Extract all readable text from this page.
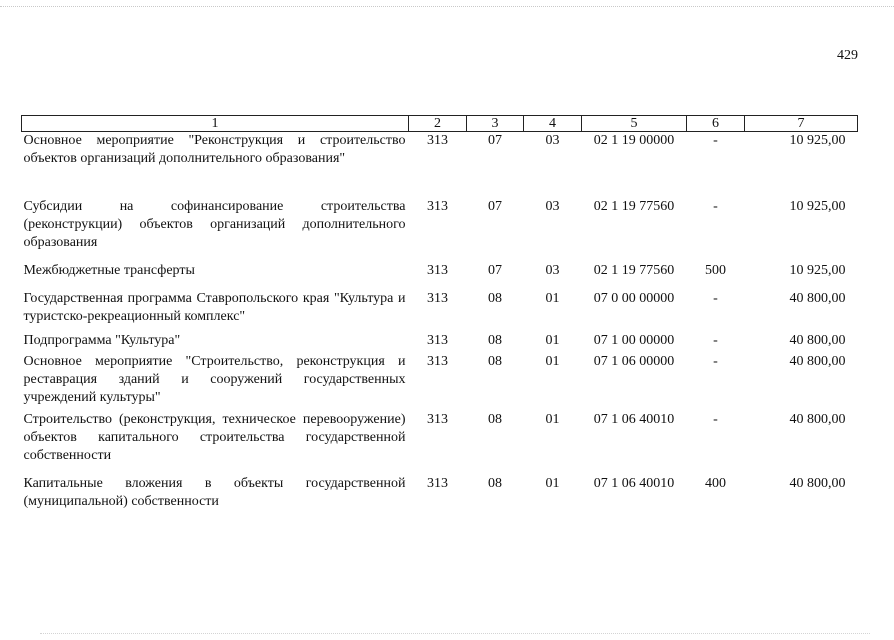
429
1	2	3	4	5	6	7
Основное мероприятие "Реконструкция и строительство объектов организаций дополнительного образования"	313	07	03	02 1 19 00000	-	10 925,00
Субсидии на софинансирование строительства (реконструкции) объектов организаций дополнительного образования	313	07	03	02 1 19 77560	-	10 925,00
Межбюджетные трансферты	313	07	03	02 1 19 77560	500	10 925,00
Государственная программа Ставропольского края "Культура и туристско-рекреационный комплекс"	313	08	01	07 0 00 00000	-	40 800,00
Подпрограмма "Культура"	313	08	01	07 1 00 00000	-	40 800,00
Основное мероприятие "Строительство, реконструкция и реставрация зданий и сооружений государственных учреждений культуры"	313	08	01	07 1 06 00000	-	40 800,00
Строительство (реконструкция, техническое перевооружение) объектов капитального строительства государственной собственности	313	08	01	07 1 06 40010	-	40 800,00
Капитальные вложения в объекты государственной (муниципальной) собственности	313	08	01	07 1 06 40010	400	40 800,00
